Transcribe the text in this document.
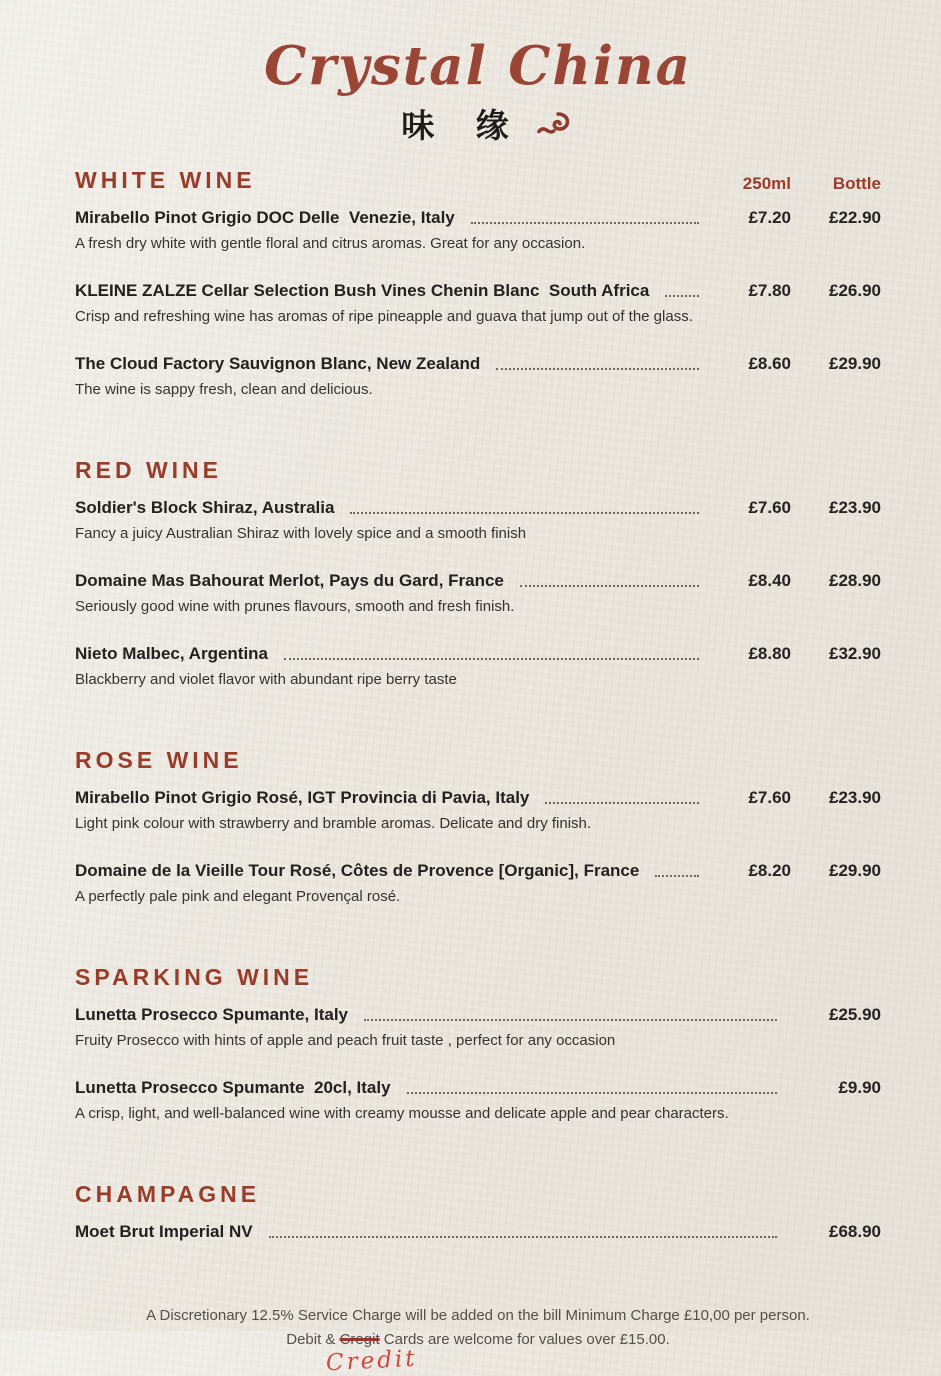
Crystal China
味 缘
WHITE WINE	250ml	Bottle
Mirabello Pinot Grigio DOC Delle  Venezie, Italy	£7.20	£22.90
A fresh dry white with gentle floral and citrus aromas. Great for any occasion.
KLEINE ZALZE Cellar Selection Bush Vines Chenin Blanc  South Africa	£7.80	£26.90
Crisp and refreshing wine has aromas of ripe pineapple and guava that jump out of the glass.
The Cloud Factory Sauvignon Blanc, New Zealand	£8.60	£29.90
The wine is sappy fresh, clean and delicious.
RED WINE
Soldier's Block Shiraz, Australia	£7.60	£23.90
Fancy a juicy Australian Shiraz with lovely spice and a smooth finish
Domaine Mas Bahourat Merlot, Pays du Gard, France	£8.40	£28.90
Seriously good wine with prunes flavours, smooth and fresh finish.
Nieto Malbec, Argentina	£8.80	£32.90
Blackberry and violet flavor with abundant ripe berry taste
ROSE WINE
Mirabello Pinot Grigio Rosé, IGT Provincia di Pavia, Italy	£7.60	£23.90
Light pink colour with strawberry and bramble aromas. Delicate and dry finish.
Domaine de la Vieille Tour Rosé, Côtes de Provence [Organic], France	£8.20	£29.90
A perfectly pale pink and elegant Provençal rosé.
SPARKING WINE
Lunetta Prosecco Spumante, Italy	£25.90
Fruity Prosecco with hints of apple and peach fruit taste , perfect for any occasion
Lunetta Prosecco Spumante  20cl, Italy	£9.90
A crisp, light, and well-balanced wine with creamy mousse and delicate apple and pear characters.
CHAMPAGNE
Moet Brut Imperial NV	£68.90
A Discretionary 12.5% Service Charge will be added on the bill Minimum Charge £10,00 per person.
Debit & Cregit
Credit
Cards are welcome for values over £15.00.
